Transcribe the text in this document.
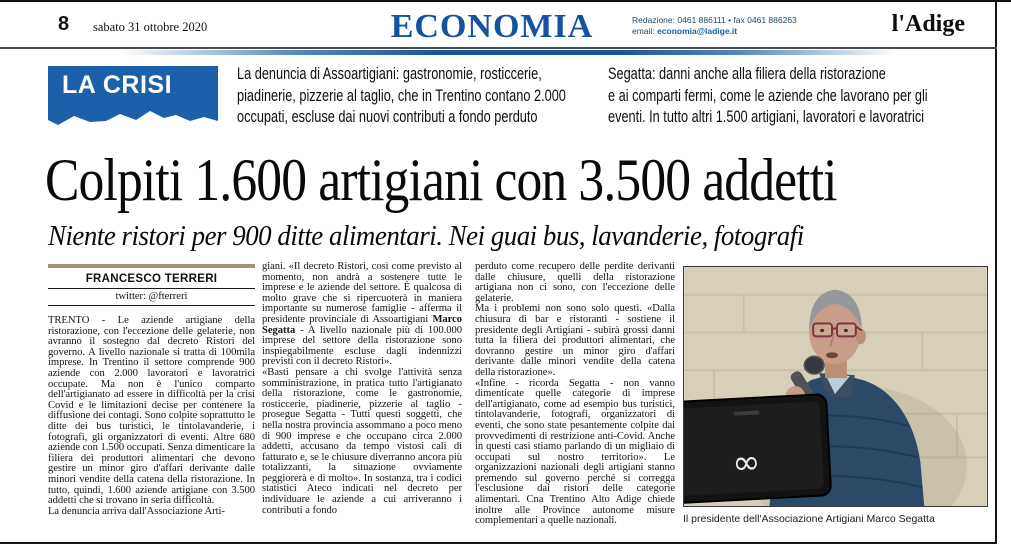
8 sabato 31 ottobre 2020	ECONOMIA	Redazione: 0461 886111 • fax 0461 886263
email: economia@ladige.it	l'Adige
LA CRISI	La denuncia di Assoartigiani: gastronomie, rosticcerie,
piadinerie, pizzerie al taglio, che in Trentino contano 2.000
occupati, escluse dai nuovi contributi a fondo perduto
Segatta: danni anche alla filiera della ristorazione
e ai comparti fermi, come le aziende che lavorano per gli
eventi. In tutto altri 1.500 artigiani, lavoratori e lavoratrici
Colpiti 1.600 artigiani con 3.500 addetti
Niente ristori per 900 ditte alimentari. Nei guai bus, lavanderie, fotografi
FRANCESCO TERRERI
twitter: @fterreri

TRENTO - Le aziende artigiane della ristorazione, con l'eccezione delle gelaterie, non avranno il sostegno dal decreto Ristori del governo. A livello nazionale si tratta di 100mila imprese. In Trentino il settore comprende 900 aziende con 2.000 lavoratori e lavoratrici occupate. Ma non è l'unico comparto dell'artigianato ad essere in difficoltà per la crisi Covid e le limitazioni decise per contenere la diffusione dei contagi. Sono colpite soprattutto le ditte dei bus turistici, le tintolavanderie, i fotografi, gli organizzatori di eventi. Altre 680 aziende con 1.500 occupati. Senza dimenticare la filiera dei produttori alimentari che devono gestire un minor giro d'affari derivante dalle minori vendite della catena della ristorazione. In tutto, quindi, 1.600 aziende artigiane con 3.500 addetti che si trovano in seria difficoltà.

La denuncia arriva dall'Associazione Arti-

giani. «Il decreto Ristori, così come previsto al momento, non andrà a sostenere tutte le imprese e le aziende del settore. È qualcosa di molto grave che si ripercuoterà in maniera importante su numerose famiglie - afferma il presidente provinciale di Assoartigiani Marco Segatta - A livello nazionale più di 100.000 imprese del settore della ristorazione sono inspiegabilmente escluse dagli indennizzi previsti con il decreto Ristori».

«Basti pensare a chi svolge l'attività senza somministrazione, in pratica tutto l'artigianato della ristorazione, come le gastronomie, rosticcerie, piadinerie, pizzerie al taglio - prosegue Segatta - Tutti questi soggetti, che nella nostra provincia assommano a poco meno di 900 imprese e che occupano circa 2.000 addetti, accusano da tempo vistosi cali di fatturato e, se le chiusure diverranno ancora più totalizzanti, la situazione ovviamente peggiorerà e di molto». In sostanza, tra i codici statistici Ateco indicati nel decreto per individuare le aziende a cui arriveranno i contributi a fondo

perduto come recupero delle perdite derivanti dalle chiusure, quelli della ristorazione artigiana non ci sono, con l'eccezione delle gelaterie.

Ma i problemi non sono solo questi. «Dalla chiusura di bar e ristoranti - sostiene il presidente degli Artigiani - subirà grossi danni tutta la filiera dei produttori alimentari, che dovranno gestire un minor giro d'affari derivante dalle minori vendite della catena della ristorazione».

«Infine - ricorda Segatta - non vanno dimenticate quelle categorie di imprese dell'artigianato, come ad esempio bus turistici, tintolavanderie, fotografi, organizzatori di eventi, che sono state pesantemente colpite dai provvedimenti di restrizione anti-Covid. Anche in questi casi stiamo parlando di un migliaio di occupati sul nostro territorio». Le organizzazioni nazionali degli artigiani stanno premendo sul governo perché si corregga l'esclusione dai ristori delle categorie alimentari. Cna Trentino Alto Adige chiede inoltre alle Province autonome misure complementari a quelle nazionali.

∞
Il presidente dell'Associazione Artigiani Marco Segatta
